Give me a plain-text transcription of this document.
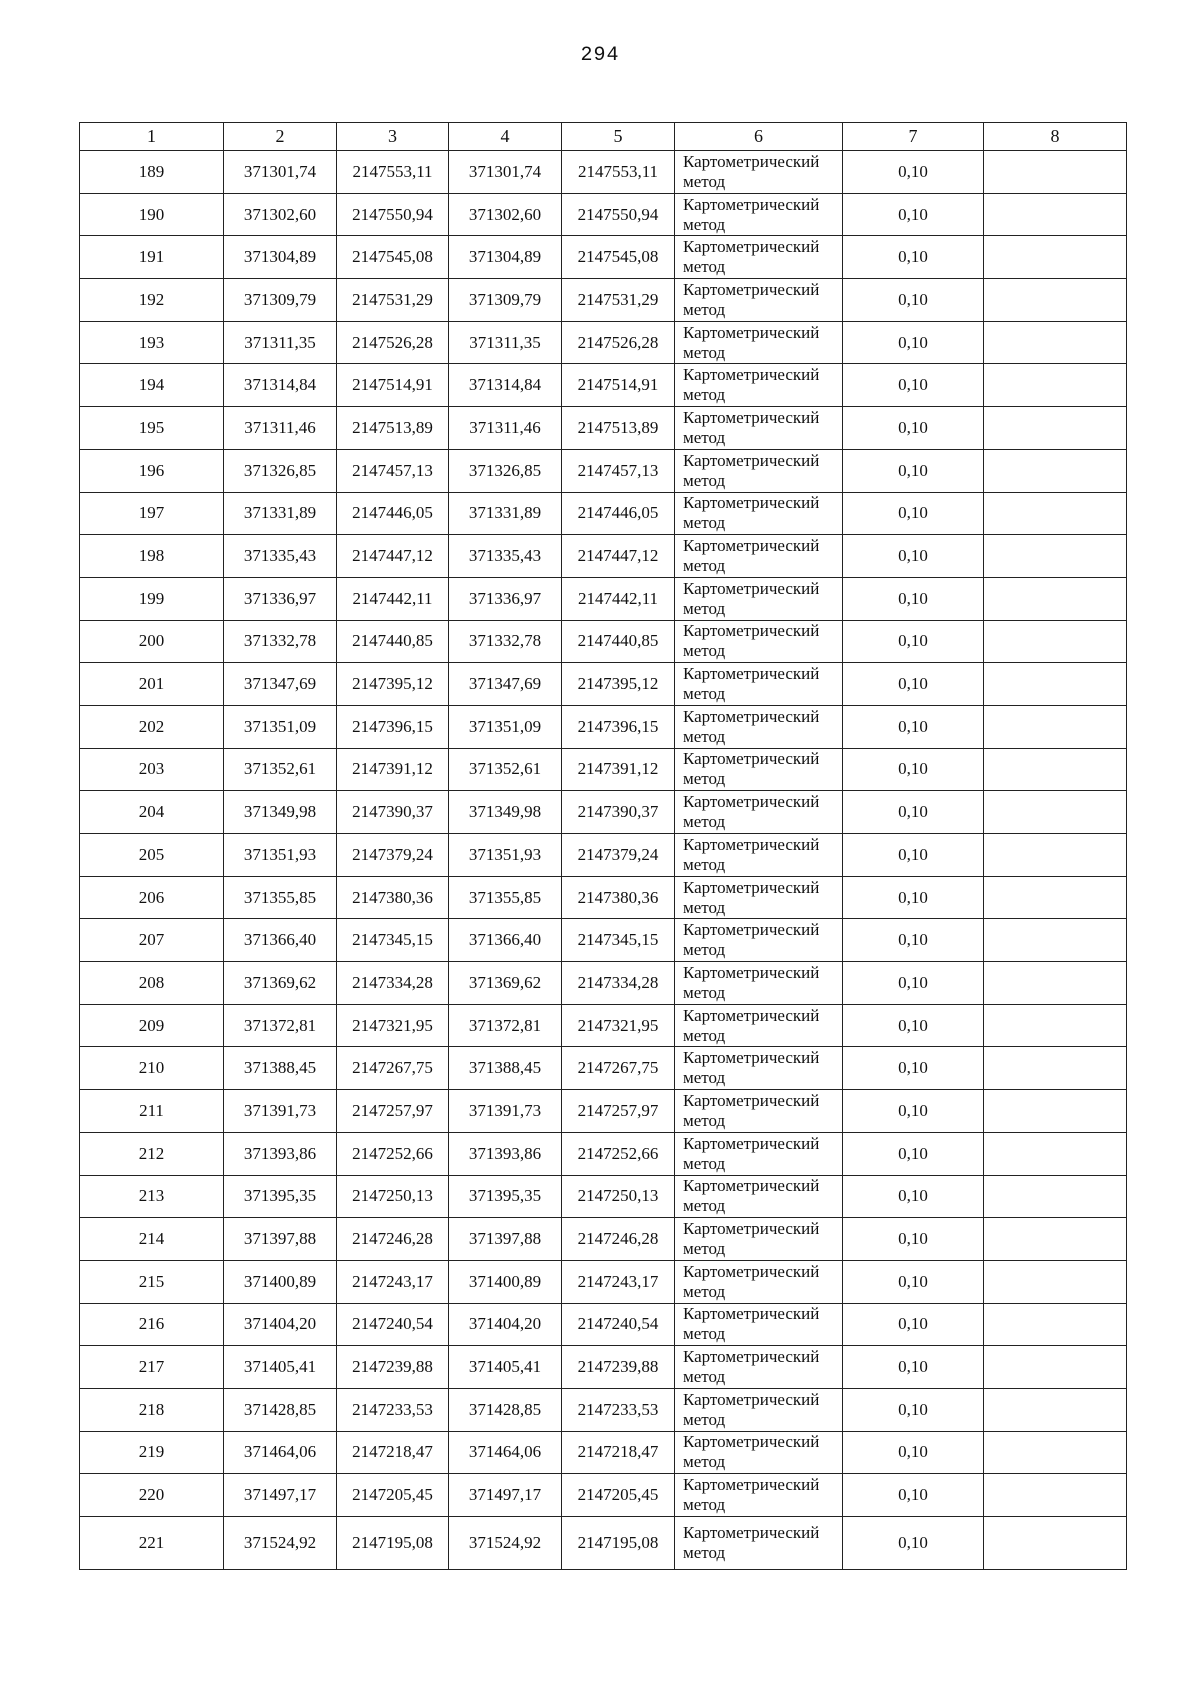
294
1	2	3	4	5	6	7	8
189	371301,74	2147553,11	371301,74	2147553,11	Картометрический метод	0,10	
190	371302,60	2147550,94	371302,60	2147550,94	Картометрический метод	0,10	
191	371304,89	2147545,08	371304,89	2147545,08	Картометрический метод	0,10	
192	371309,79	2147531,29	371309,79	2147531,29	Картометрический метод	0,10	
193	371311,35	2147526,28	371311,35	2147526,28	Картометрический метод	0,10	
194	371314,84	2147514,91	371314,84	2147514,91	Картометрический метод	0,10	
195	371311,46	2147513,89	371311,46	2147513,89	Картометрический метод	0,10	
196	371326,85	2147457,13	371326,85	2147457,13	Картометрический метод	0,10	
197	371331,89	2147446,05	371331,89	2147446,05	Картометрический метод	0,10	
198	371335,43	2147447,12	371335,43	2147447,12	Картометрический метод	0,10	
199	371336,97	2147442,11	371336,97	2147442,11	Картометрический метод	0,10	
200	371332,78	2147440,85	371332,78	2147440,85	Картометрический метод	0,10	
201	371347,69	2147395,12	371347,69	2147395,12	Картометрический метод	0,10	
202	371351,09	2147396,15	371351,09	2147396,15	Картометрический метод	0,10	
203	371352,61	2147391,12	371352,61	2147391,12	Картометрический метод	0,10	
204	371349,98	2147390,37	371349,98	2147390,37	Картометрический метод	0,10	
205	371351,93	2147379,24	371351,93	2147379,24	Картометрический метод	0,10	
206	371355,85	2147380,36	371355,85	2147380,36	Картометрический метод	0,10	
207	371366,40	2147345,15	371366,40	2147345,15	Картометрический метод	0,10	
208	371369,62	2147334,28	371369,62	2147334,28	Картометрический метод	0,10	
209	371372,81	2147321,95	371372,81	2147321,95	Картометрический метод	0,10	
210	371388,45	2147267,75	371388,45	2147267,75	Картометрический метод	0,10	
211	371391,73	2147257,97	371391,73	2147257,97	Картометрический метод	0,10	
212	371393,86	2147252,66	371393,86	2147252,66	Картометрический метод	0,10	
213	371395,35	2147250,13	371395,35	2147250,13	Картометрический метод	0,10	
214	371397,88	2147246,28	371397,88	2147246,28	Картометрический метод	0,10	
215	371400,89	2147243,17	371400,89	2147243,17	Картометрический метод	0,10	
216	371404,20	2147240,54	371404,20	2147240,54	Картометрический метод	0,10	
217	371405,41	2147239,88	371405,41	2147239,88	Картометрический метод	0,10	
218	371428,85	2147233,53	371428,85	2147233,53	Картометрический метод	0,10	
219	371464,06	2147218,47	371464,06	2147218,47	Картометрический метод	0,10	
220	371497,17	2147205,45	371497,17	2147205,45	Картометрический метод	0,10	
221	371524,92	2147195,08	371524,92	2147195,08	Картометрический метод	0,10	
